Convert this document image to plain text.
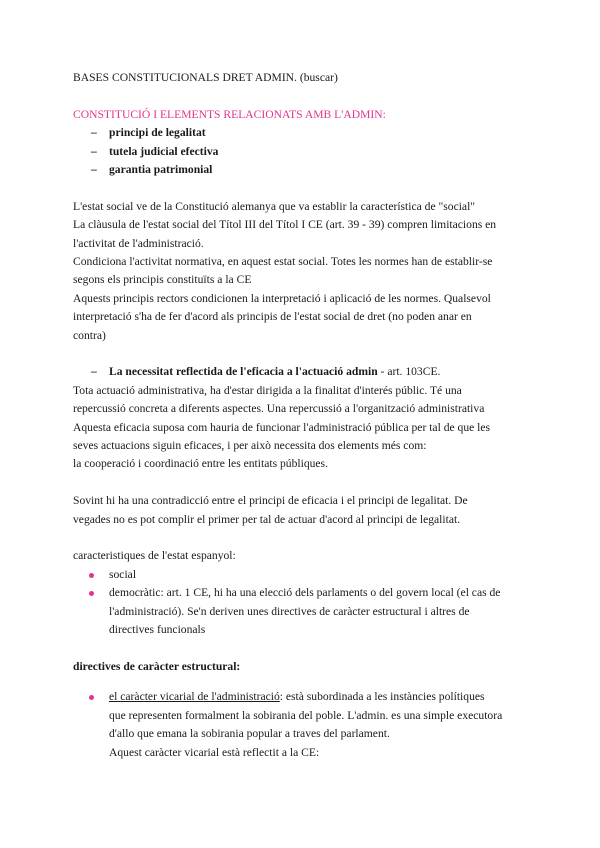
BASES CONSTITUCIONALS DRET ADMIN. (buscar)

CONSTITUCIÓ I ELEMENTS RELACIONATS AMB L'ADMIN:

– principi de legalitat
– tutela judicial efectiva
– garantia patrimonial

L'estat social ve de la Constitució alemanya que va establir la característica de "social"

La clàusula de l'estat social del Títol III del Títol I CE (art. 39 - 39) compren limitacions en

l'activitat de l'administració.

Condiciona l'activitat normativa, en aquest estat social. Totes les normes han de establir-se

segons els principis constituïts a la CE

Aquests principis rectors condicionen la interpretació i aplicació de les normes. Qualsevol

interpretació s'ha de fer d'acord als principis de l'estat social de dret (no poden anar en

contra)

– La necessitat reflectida de l'eficacia a l'actuació admin - art. 103CE.

Tota actuació administrativa, ha d'estar dirigida a la finalitat d'interés públic. Té una

repercussió concreta a diferents aspectes. Una repercussió a l'organització administrativa

Aquesta eficacia suposa com hauria de funcionar l'administració pública per tal de que les

seves actuacions siguin eficaces, i per això necessita dos elements més com:

la cooperació i coordinació entre les entitats públiques.

Sovint hi ha una contradicció entre el principi de eficacia i el principi de legalitat. De

vegades no es pot complir el primer per tal de actuar d'acord al principi de legalitat.

caracteristiques de l'estat espanyol:

social

democràtic: art. 1 CE, hi ha una elecció dels parlaments o del govern local (el cas de

l'administració). Se'n deriven unes directives de caràcter estructural i altres de

directives funcionals

directives de caràcter estructural:

el caràcter vicarial de l'administració: està subordinada a les instàncies polítiques

que representen formalment la sobirania del poble. L'admin. es una simple executora

d'allo que emana la sobirania popular a traves del parlament.

Aquest caràcter vicarial està reflectit a la CE:
